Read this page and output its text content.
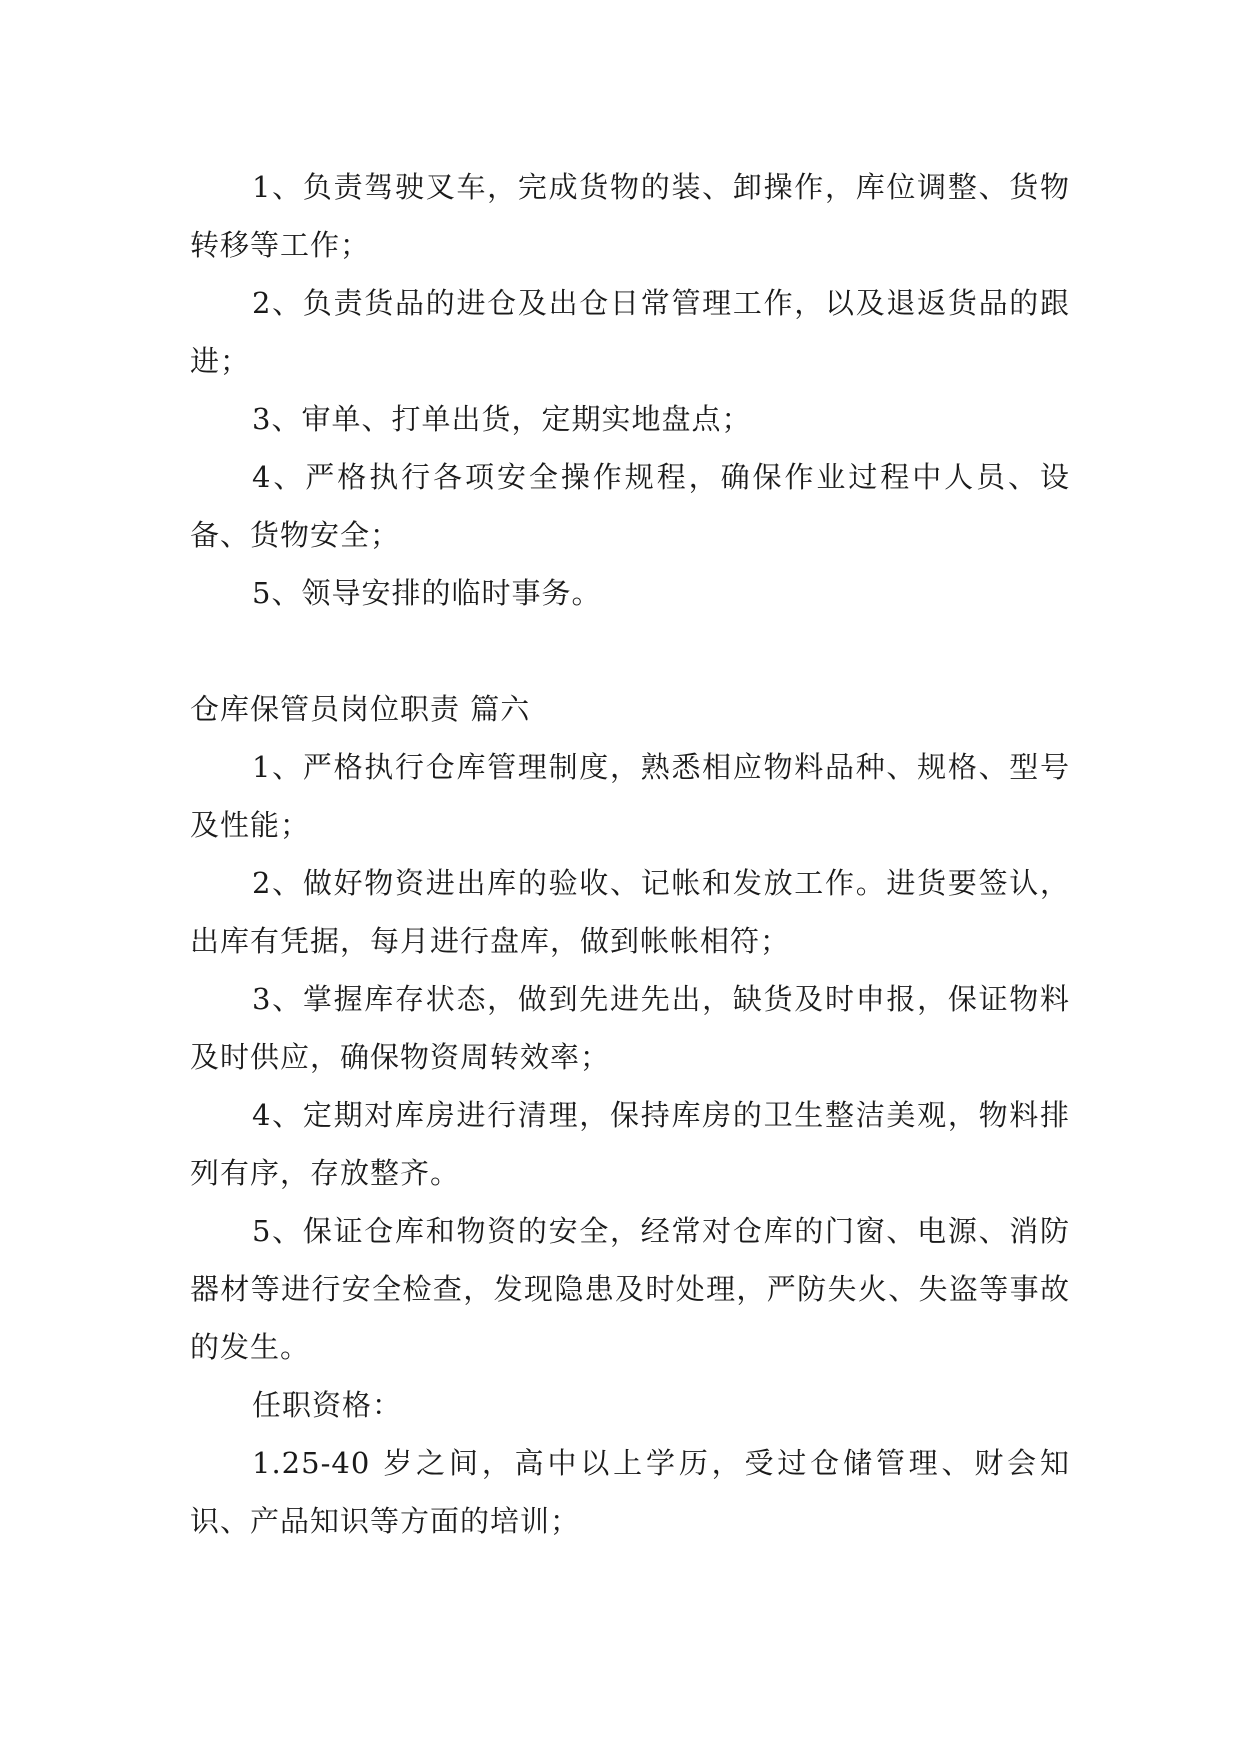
1、负责驾驶叉车，完成货物的装、卸操作，库位调整、货物转移等工作；

2、负责货品的进仓及出仓日常管理工作，以及退返货品的跟进；

3、审单、打单出货，定期实地盘点；

4、严格执行各项安全操作规程，确保作业过程中人员、设备、货物安全；

5、领导安排的临时事务。

仓库保管员岗位职责 篇六

1、严格执行仓库管理制度，熟悉相应物料品种、规格、型号及性能；

2、做好物资进出库的验收、记帐和发放工作。进货要签认，出库有凭据，每月进行盘库，做到帐帐相符；

3、掌握库存状态，做到先进先出，缺货及时申报，保证物料及时供应，确保物资周转效率；

4、定期对库房进行清理，保持库房的卫生整洁美观，物料排列有序，存放整齐。

5、保证仓库和物资的安全，经常对仓库的门窗、电源、消防器材等进行安全检查，发现隐患及时处理，严防失火、失盗等事故的发生。

任职资格：

1.25-40 岁之间，高中以上学历，受过仓储管理、财会知识、产品知识等方面的培训；
